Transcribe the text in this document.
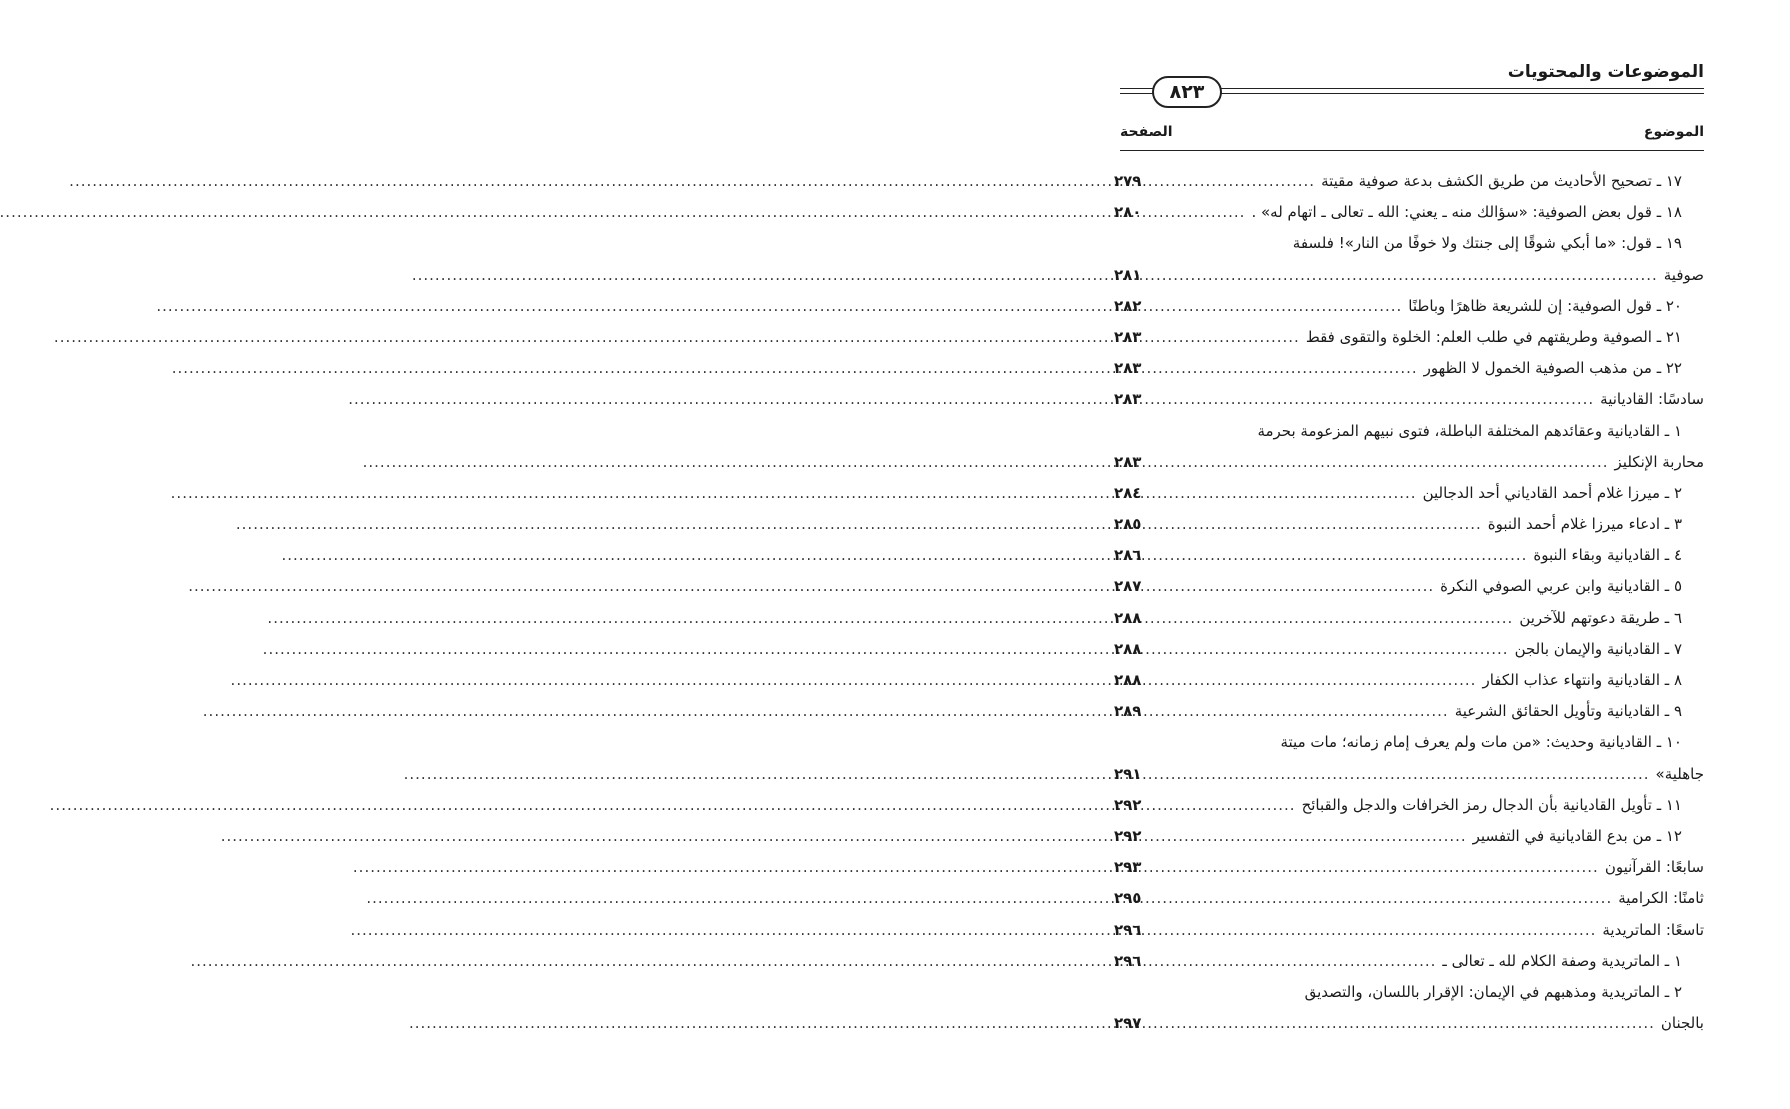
الموضوعات والمحتويات
٨٢٣
الموضوع
الصفحة
١٧ ـ تصحيح الأحاديث من طريق الكشف بدعة صوفية مقيتة
.....
٢٧٩
١٨ ـ قول بعض الصوفية: «سؤالك منه ـ يعني: الله ـ تعالى ـ اتهام له» .
.....
٢٨٠
١٩ ـ قول: «ما أبكي شوقًا إلى جنتك ولا خوفًا من النار»! فلسفة
صوفية
.....
٢٨١
٢٠ ـ قول الصوفية: إن للشريعة ظاهرًا وباطنًا
.....
٢٨٢
٢١ ـ الصوفية وطريقتهم في طلب العلم: الخلوة والتقوى فقط
.....
٢٨٣
٢٢ ـ من مذهب الصوفية الخمول لا الظهور
.....
٢٨٣
سادسًا: القاديانية
.....
٢٨٣
١ ـ القاديانية وعقائدهم المختلفة الباطلة، فتوى نبيهم المزعومة بحرمة
محاربة الإنكليز
.....
٢٨٣
٢ ـ ميرزا غلام أحمد القادياني أحد الدجالين
.....
٢٨٤
٣ ـ ادعاء ميرزا غلام أحمد النبوة
.....
٢٨٥
٤ ـ القاديانية وبقاء النبوة
.....
٢٨٦
٥ ـ القاديانية وابن عربي الصوفي النكرة
.....
٢٨٧
٦ ـ طريقة دعوتهم للآخرين
.....
٢٨٨
٧ ـ القاديانية والإيمان بالجن
.....
٢٨٨
٨ ـ القاديانية وانتهاء عذاب الكفار
.....
٢٨٨
٩ ـ القاديانية وتأويل الحقائق الشرعية
.....
٢٨٩
١٠ ـ القاديانية وحديث: «من مات ولم يعرف إمام زمانه؛ مات ميتة
جاهلية»
.....
٢٩١
١١ ـ تأويل القاديانية بأن الدجال رمز الخرافات والدجل والقبائح
.....
٢٩٢
١٢ ـ من بدع القاديانية في التفسير
.....
٢٩٢
سابعًا: القرآنيون
.....
٢٩٣
ثامنًا: الكرامية
.....
٢٩٥
تاسعًا: الماتريدية
.....
٢٩٦
١ ـ الماتريدية وصفة الكلام لله ـ تعالى ـ
.....
٢٩٦
٢ ـ الماتريدية ومذهبهم في الإيمان: الإقرار باللسان، والتصديق
بالجنان
.....
٢٩٧
